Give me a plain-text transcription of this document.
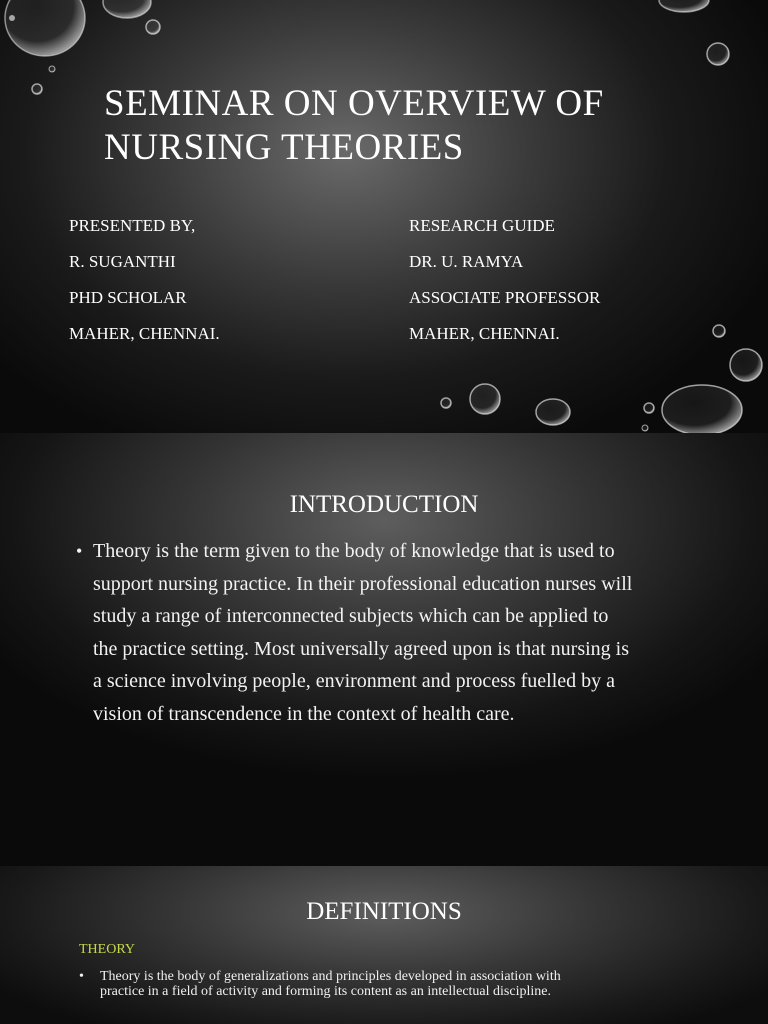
SEMINAR ON OVERVIEW OF NURSING THEORIES
PRESENTED BY,
R. SUGANTHI
PHD SCHOLAR
MAHER, CHENNAI.
RESEARCH GUIDE
DR. U. RAMYA
ASSOCIATE PROFESSOR
MAHER, CHENNAI.
INTRODUCTION
• Theory is the term given to the body of knowledge that is used to support nursing practice. In their professional education nurses will study a range of interconnected subjects which can be applied to the practice setting. Most universally agreed upon is that nursing is a science involving people, environment and process fuelled by a vision of transcendence in the context of health care.
DEFINITIONS
THEORY
• Theory is the body of generalizations and principles developed in association with practice in a field of activity and forming its content as an intellectual discipline.
